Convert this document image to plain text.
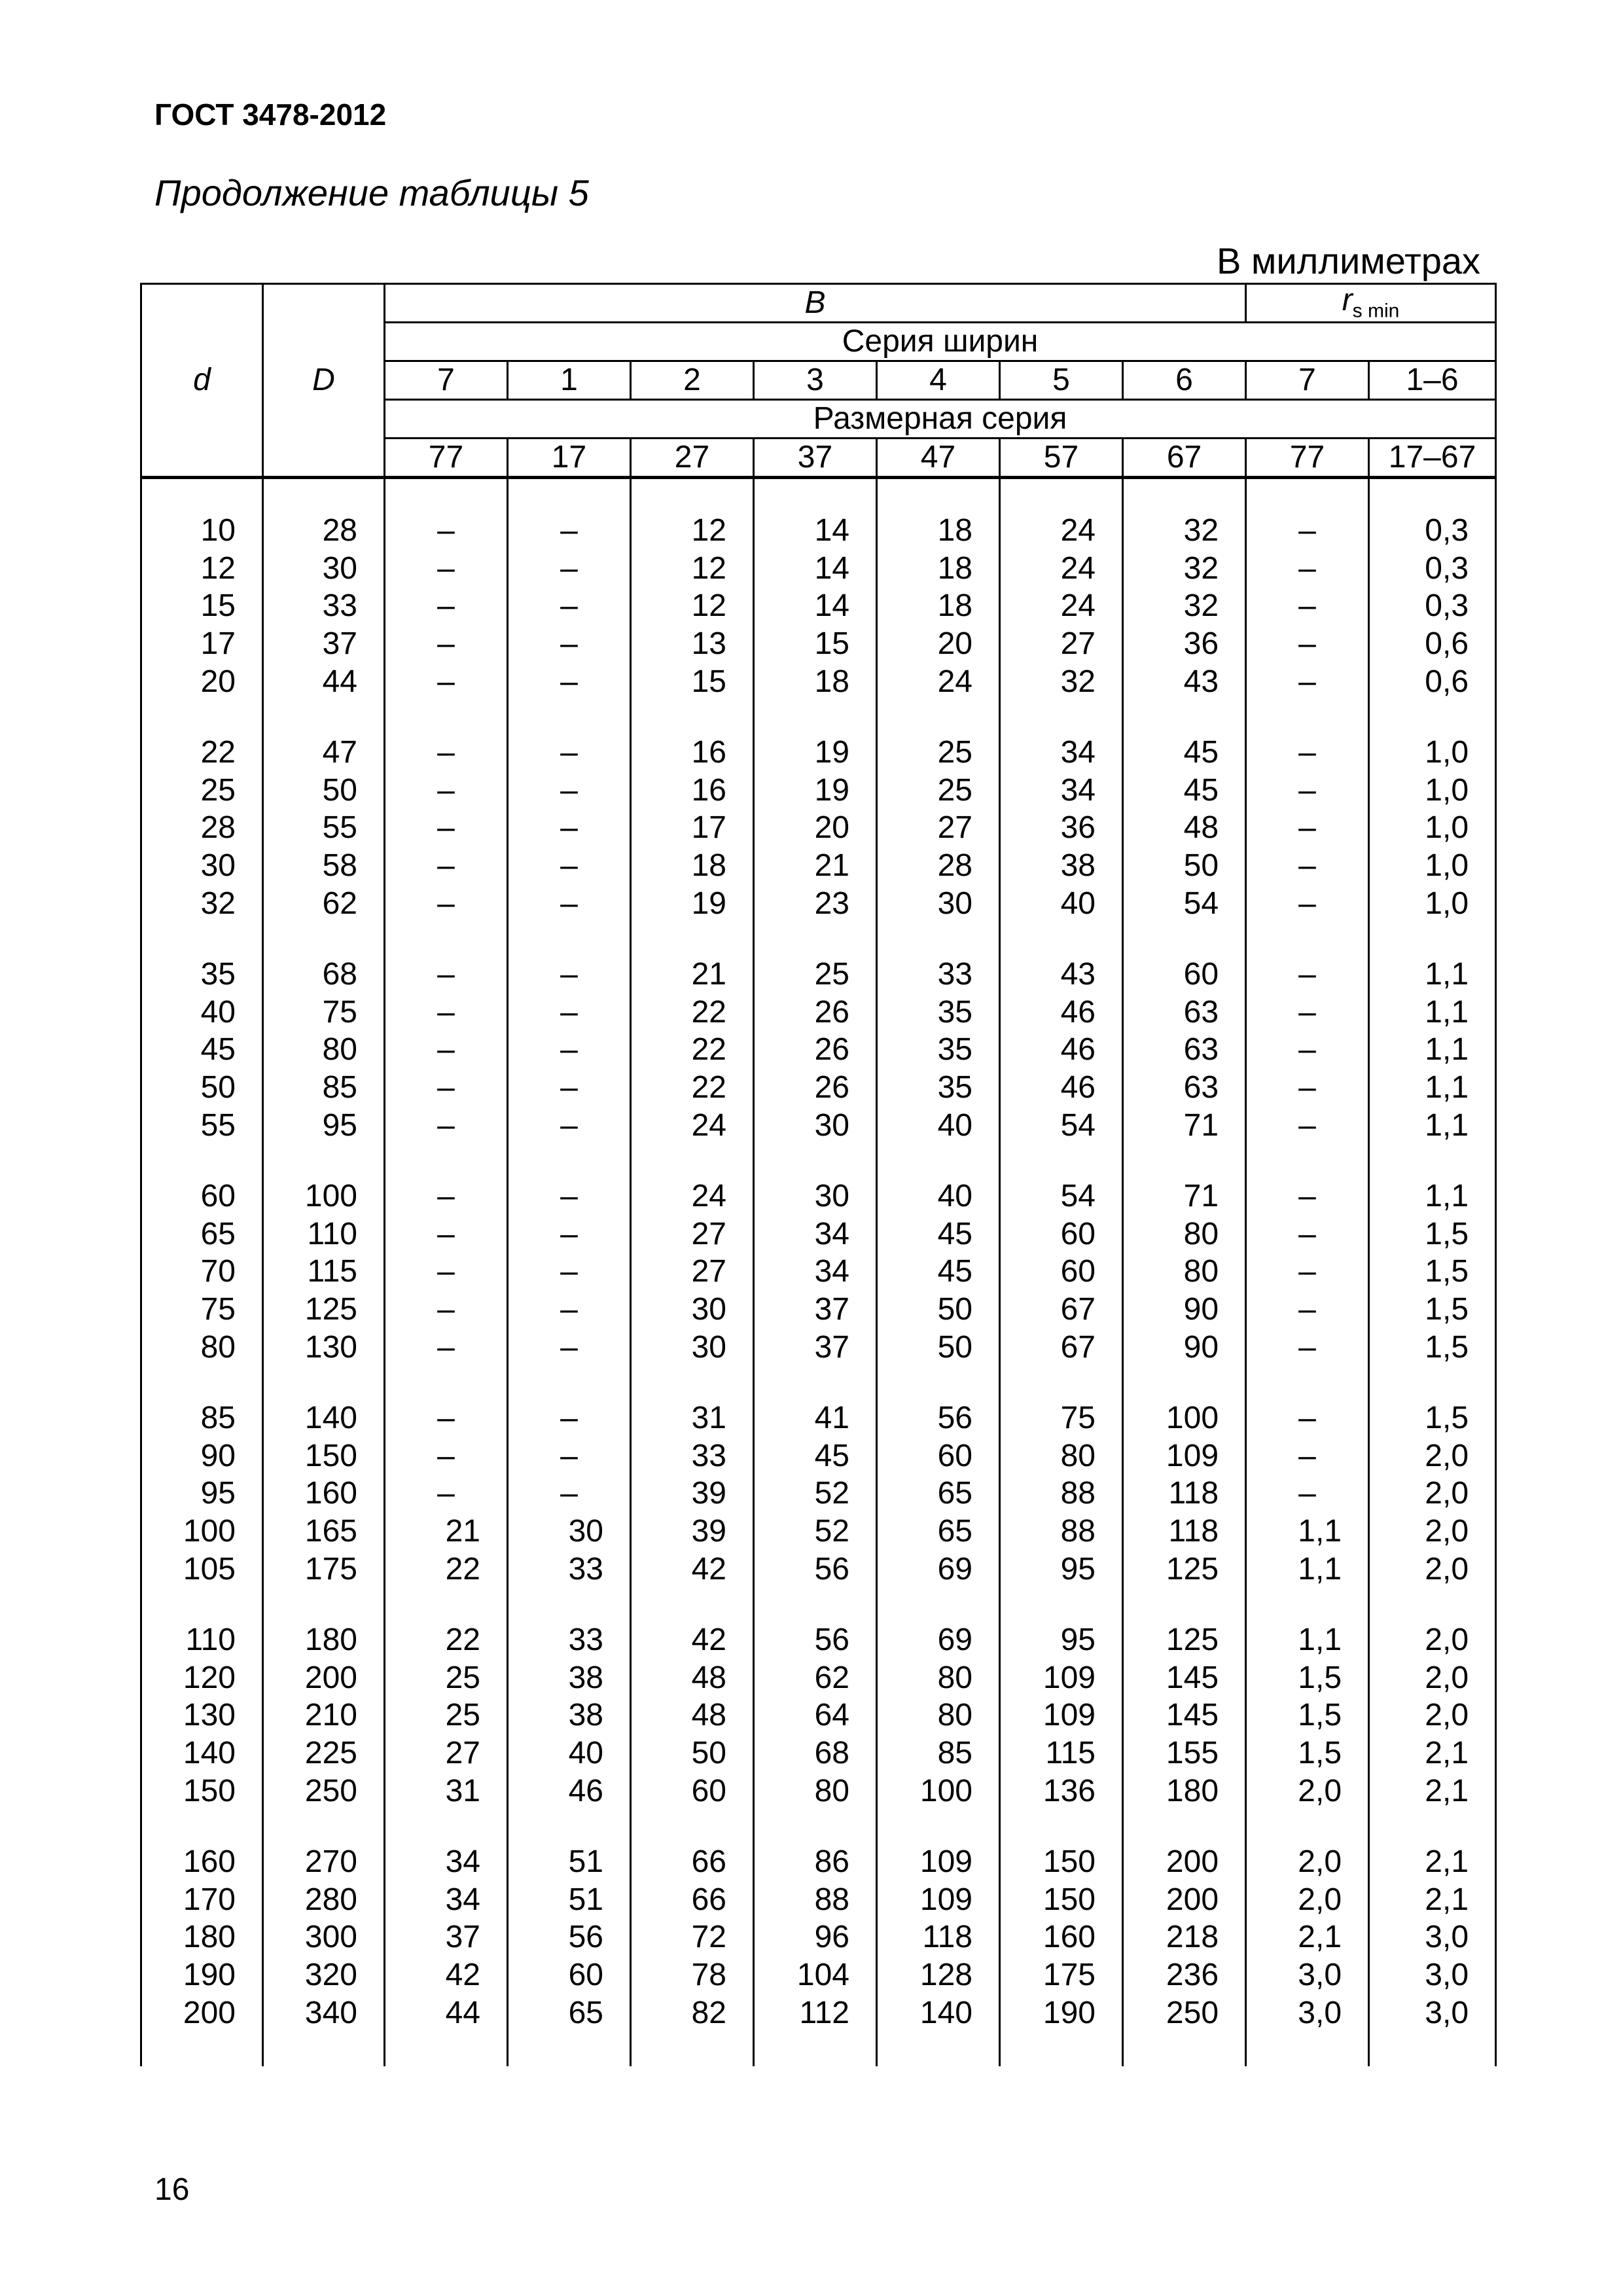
ГОСТ 3478-2012
Продолжение таблицы 5
В миллиметрах
d	D	B							$r_{s min}$
		Серия ширин								
		7	1	2	3	4	5	6	7	1–6
		Размерная серия								
		77	17	27	37	47	57	67	77	17–67

10	28	–	–	12	14	18	24	32	–	0,3
12	30	–	–	12	14	18	24	32	–	0,3
15	33	–	–	12	14	18	24	32	–	0,3
17	37	–	–	13	15	20	27	36	–	0,6
20	44	–	–	15	18	24	32	43	–	0,6

22	47	–	–	16	19	25	34	45	–	1,0
25	50	–	–	16	19	25	34	45	–	1,0
28	55	–	–	17	20	27	36	48	–	1,0
30	58	–	–	18	21	28	38	50	–	1,0
32	62	–	–	19	23	30	40	54	–	1,0

35	68	–	–	21	25	33	43	60	–	1,1
40	75	–	–	22	26	35	46	63	–	1,1
45	80	–	–	22	26	35	46	63	–	1,1
50	85	–	–	22	26	35	46	63	–	1,1
55	95	–	–	24	30	40	54	71	–	1,1

60	100	–	–	24	30	40	54	71	–	1,1
65	110	–	–	27	34	45	60	80	–	1,5
70	115	–	–	27	34	45	60	80	–	1,5
75	125	–	–	30	37	50	67	90	–	1,5
80	130	–	–	30	37	50	67	90	–	1,5

85	140	–	–	31	41	56	75	100	–	1,5
90	150	–	–	33	45	60	80	109	–	2,0
95	160	–	–	39	52	65	88	118	–	2,0
100	165	21	30	39	52	65	88	118	1,1	2,0
105	175	22	33	42	56	69	95	125	1,1	2,0

110	180	22	33	42	56	69	95	125	1,1	2,0
120	200	25	38	48	62	80	109	145	1,5	2,0
130	210	25	38	48	64	80	109	145	1,5	2,0
140	225	27	40	50	68	85	115	155	1,5	2,1
150	250	31	46	60	80	100	136	180	2,0	2,1

160	270	34	51	66	86	109	150	200	2,0	2,1
170	280	34	51	66	88	109	150	200	2,0	2,1
180	300	37	56	72	96	118	160	218	2,1	3,0
190	320	42	60	78	104	128	175	236	3,0	3,0
200	340	44	65	82	112	140	190	250	3,0	3,0

16
